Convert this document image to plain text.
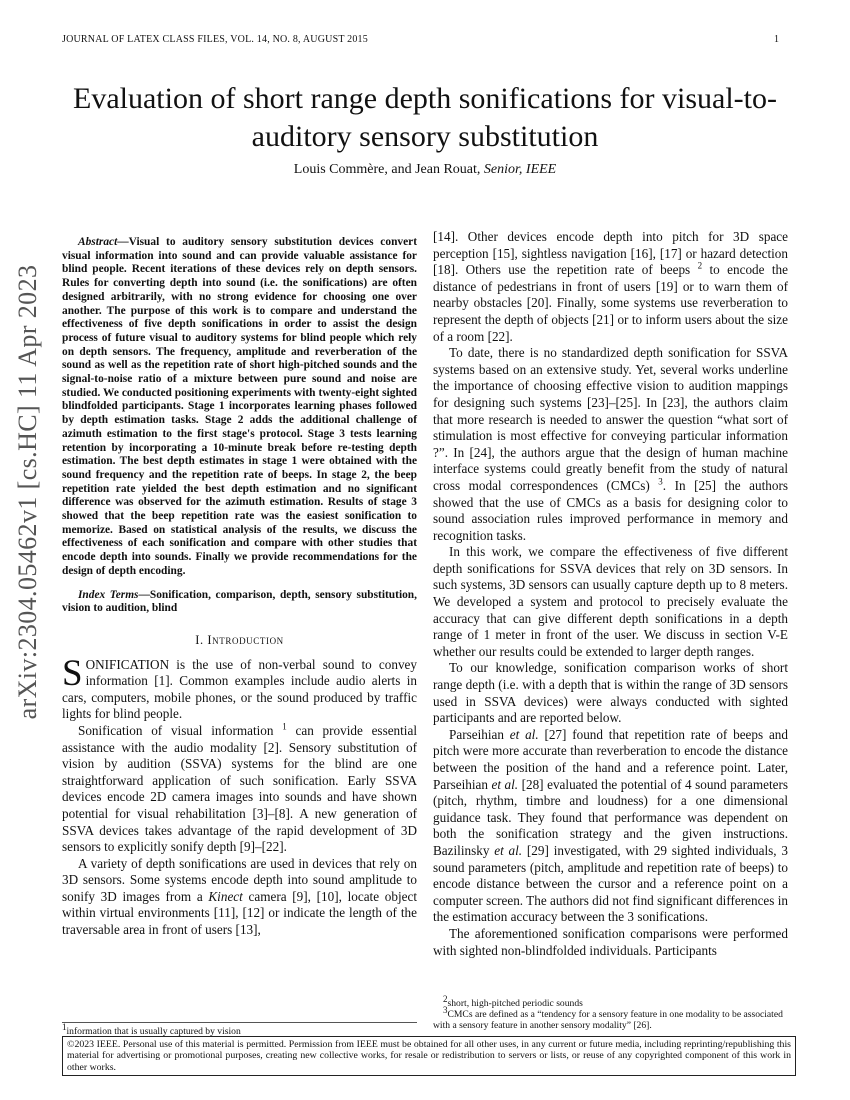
JOURNAL OF LATEX CLASS FILES, VOL. 14, NO. 8, AUGUST 2015	1
arXiv:2304.05462v1 [cs.HC] 11 Apr 2023
Evaluation of short range depth sonifications for visual-to-auditory sensory substitution
Louis Commère, and Jean Rouat, Senior, IEEE

Abstract—Visual to auditory sensory substitution devices convert visual information into sound and can provide valuable assistance for blind people. Recent iterations of these devices rely on depth sensors. Rules for converting depth into sound (i.e. the sonifications) are often designed arbitrarily, with no strong evidence for choosing one over another. The purpose of this work is to compare and understand the effectiveness of five depth sonifications in order to assist the design process of future visual to auditory systems for blind people which rely on depth sensors. The frequency, amplitude and reverberation of the sound as well as the repetition rate of short high-pitched sounds and the signal-to-noise ratio of a mixture between pure sound and noise are studied. We conducted positioning experiments with twenty-eight sighted blindfolded participants. Stage 1 incorporates learning phases followed by depth estimation tasks. Stage 2 adds the additional challenge of azimuth estimation to the first stage's protocol. Stage 3 tests learning retention by incorporating a 10-minute break before re-testing depth estimation. The best depth estimates in stage 1 were obtained with the sound frequency and the repetition rate of beeps. In stage 2, the beep repetition rate yielded the best depth estimation and no significant difference was observed for the azimuth estimation. Results of stage 3 showed that the beep repetition rate was the easiest sonification to memorize. Based on statistical analysis of the results, we discuss the effectiveness of each sonification and compare with other studies that encode depth into sounds. Finally we provide recommendations for the design of depth encoding.

Index Terms—Sonification, comparison, depth, sensory substitution, vision to audition, blind

I. Introduction

SONIFICATION is the use of non-verbal sound to convey information [1]. Common examples include audio alerts in cars, computers, mobile phones, or the sound produced by traffic lights for blind people.

Sonification of visual information $^1$ can provide essential assistance with the audio modality [2]. Sensory substitution of vision by audition (SSVA) systems for the blind are one straightforward application of such sonification. Early SSVA devices encode 2D camera images into sounds and have shown potential for visual rehabilitation [3]–[8]. A new generation of SSVA devices takes advantage of the rapid development of 3D sensors to explicitly sonify depth [9]–[22].

A variety of depth sonifications are used in devices that rely on 3D sensors. Some systems encode depth into sound amplitude to sonify 3D images from a Kinect camera [9], [10], locate object within virtual environments [11], [12] or indicate the length of the traversable area in front of users [13],

[14]. Other devices encode depth into pitch for 3D space perception [15], sightless navigation [16], [17] or hazard detection [18]. Others use the repetition rate of beeps $^2$ to encode the distance of pedestrians in front of users [19] or to warn them of nearby obstacles [20]. Finally, some systems use reverberation to represent the depth of objects [21] or to inform users about the size of a room [22].

To date, there is no standardized depth sonification for SSVA systems based on an extensive study. Yet, several works underline the importance of choosing effective vision to audition mappings for designing such systems [23]–[25]. In [23], the authors claim that more research is needed to answer the question “what sort of stimulation is most effective for conveying particular information ?”. In [24], the authors argue that the design of human machine interface systems could greatly benefit from the study of natural cross modal correspondences (CMCs) $^3$. In [25] the authors showed that the use of CMCs as a basis for designing color to sound association rules improved performance in memory and recognition tasks.

In this work, we compare the effectiveness of five different depth sonifications for SSVA devices that rely on 3D sensors. In such systems, 3D sensors can usually capture depth up to 8 meters. We developed a system and protocol to precisely evaluate the accuracy that can give different depth sonifications in a depth range of 1 meter in front of the user. We discuss in section V-E whether our results could be extended to larger depth ranges.

To our knowledge, sonification comparison works of short range depth (i.e. with a depth that is within the range of 3D sensors used in SSVA devices) were always conducted with sighted participants and are reported below.

Parseihian et al. [27] found that repetition rate of beeps and pitch were more accurate than reverberation to encode the distance between the position of the hand and a reference point. Later, Parseihian et al. [28] evaluated the potential of 4 sound parameters (pitch, rhythm, timbre and loudness) for a one dimensional guidance task. They found that performance was dependent on both the sonification strategy and the given instructions. Bazilinsky et al. [29] investigated, with 29 sighted individuals, 3 sound parameters (pitch, amplitude and repetition rate of beeps) to encode distance between the cursor and a reference point on a computer screen. The authors did not find significant differences in the estimation accuracy between the 3 sonifications.

The aforementioned sonification comparisons were performed with sighted non-blindfolded individuals. Participants

2short, high-pitched periodic sounds

3CMCs are defined as a “tendency for a sensory feature in one modality to be associated with a sensory feature in another sensory modality” [26].

1information that is usually captured by vision
©2023 IEEE. Personal use of this material is permitted. Permission from IEEE must be obtained for all other uses, in any current or future media, including reprinting/republishing this material for advertising or promotional purposes, creating new collective works, for resale or redistribution to servers or lists, or reuse of any copyrighted component of this work in other works.
